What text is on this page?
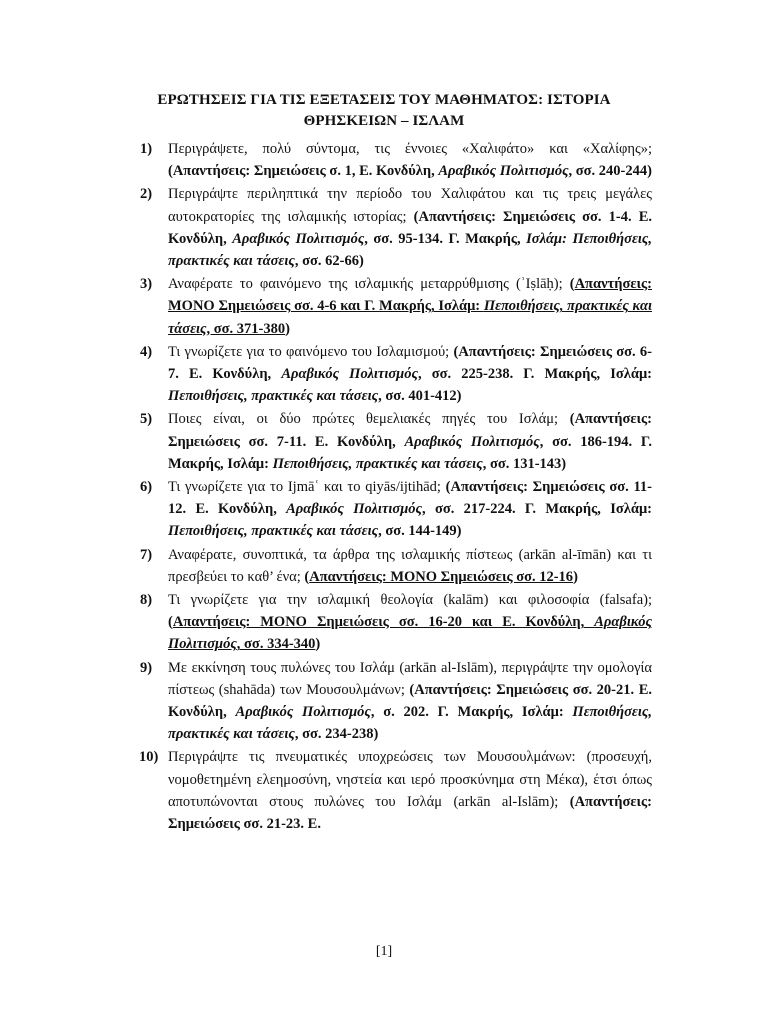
ΕΡΩΤΗΣΕΙΣ ΓΙΑ ΤΙΣ ΕΞΕΤΑΣΕΙΣ ΤΟΥ ΜΑΘΗΜΑΤΟΣ: ΙΣΤΟΡΙΑ
ΘΡΗΣΚΕΙΩΝ – ΙΣΛΑΜ
1) Περιγράψετε, πολύ σύντομα, τις έννοιες «Χαλιφάτο» και «Χαλίφης»; (Απαντήσεις: Σημειώσεις σ. 1, Ε. Κονδύλη, Αραβικός Πολιτισμός, σσ. 240-244)
2) Περιγράψτε περιληπτικά την περίοδο του Χαλιφάτου και τις τρεις μεγάλες αυτοκρατορίες της ισλαμικής ιστορίας; (Απαντήσεις: Σημειώσεις σσ. 1-4. Ε. Κονδύλη, Αραβικός Πολιτισμός, σσ. 95-134. Γ. Μακρής, Ισλάμ: Πεποιθήσεις, πρακτικές και τάσεις, σσ. 62-66)
3) Αναφέρατε το φαινόμενο της ισλαμικής μεταρρύθμισης (ʾIṣlāḥ); (Απαντήσεις: ΜΟΝΟ Σημειώσεις σσ. 4-6 και Γ. Μακρής, Ισλάμ: Πεποιθήσεις, πρακτικές και τάσεις, σσ. 371-380)
4) Τι γνωρίζετε για το φαινόμενο του Ισλαμισμού; (Απαντήσεις: Σημειώσεις σσ. 6-7. Ε. Κονδύλη, Αραβικός Πολιτισμός, σσ. 225-238. Γ. Μακρής, Ισλάμ: Πεποιθήσεις, πρακτικές και τάσεις, σσ. 401-412)
5) Ποιες είναι, οι δύο πρώτες θεμελιακές πηγές του Ισλάμ; (Απαντήσεις: Σημειώσεις σσ. 7-11. Ε. Κονδύλη, Αραβικός Πολιτισμός, σσ. 186-194. Γ. Μακρής, Ισλάμ: Πεποιθήσεις, πρακτικές και τάσεις, σσ. 131-143)
6) Τι γνωρίζετε για το Ijmāʿ και το qiyās/ijtihād; (Απαντήσεις: Σημειώσεις σσ. 11-12. Ε. Κονδύλη, Αραβικός Πολιτισμός, σσ. 217-224. Γ. Μακρής, Ισλάμ: Πεποιθήσεις, πρακτικές και τάσεις, σσ. 144-149)
7) Αναφέρατε, συνοπτικά, τα άρθρα της ισλαμικής πίστεως (arkān al-īmān) και τι πρεσβεύει το καθ’ ένα; (Απαντήσεις: ΜΟΝΟ Σημειώσεις σσ. 12-16)
8) Τι γνωρίζετε για την ισλαμική θεολογία (kalām) και φιλοσοφία (falsafa); (Απαντήσεις: ΜΟΝΟ Σημειώσεις σσ. 16-20 και Ε. Κονδύλη, Αραβικός Πολιτισμός, σσ. 334-340)
9) Με εκκίνηση τους πυλώνες του Ισλάμ (arkān al-Islām), περιγράψτε την ομολογία πίστεως (shahāda) των Μουσουλμάνων; (Απαντήσεις: Σημειώσεις σσ. 20-21. Ε. Κονδύλη, Αραβικός Πολιτισμός, σ. 202. Γ. Μακρής, Ισλάμ: Πεποιθήσεις, πρακτικές και τάσεις, σσ. 234-238)
10) Περιγράψτε τις πνευματικές υποχρεώσεις των Μουσουλμάνων: (προσευχή, νομοθετημένη ελεημοσύνη, νηστεία και ιερό προσκύνημα στη Μέκα), έτσι όπως αποτυπώνονται στους πυλώνες του Ισλάμ (arkān al-Islām); (Απαντήσεις: Σημειώσεις σσ. 21-23. Ε.
[1]
